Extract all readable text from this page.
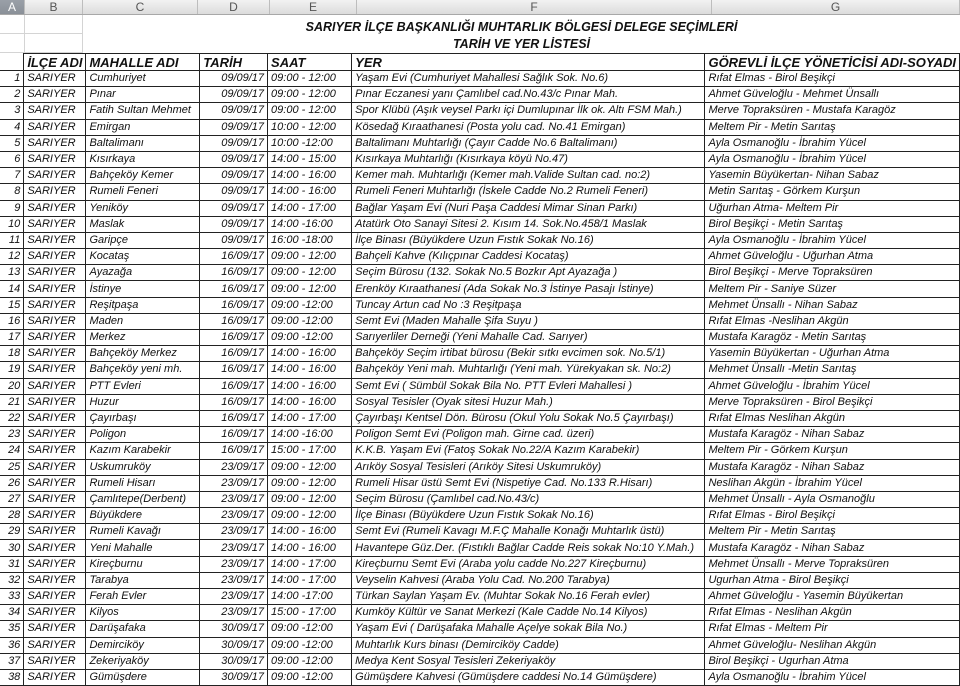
A	B	C	D	E	F	G
SARIYER İLÇE BAŞKANLIĞI MUHTARLIK BÖLGESİ DELEGE SEÇİMLERİ
TARİH VE YER LİSTESİ
	İLÇE ADI	MAHALLE ADI	TARİH	SAAT	YER	GÖREVLİ İLÇE YÖNETİCİSİ ADI-SOYADI
1	SARIYER	Cumhuriyet	09/09/17	09:00 - 12:00	Yaşam Evi (Cumhuriyet Mahallesi Sağlık Sok. No.6)	Rıfat Elmas - Birol Beşikçi
2	SARIYER	Pınar	09/09/17	09:00 - 12:00	Pınar Eczanesi yanı Çamlıbel cad.No.43/c Pınar Mah.	Ahmet Güveloğlu - Mehmet Ünsallı
3	SARIYER	Fatih Sultan Mehmet	09/09/17	09:00 - 12:00	Spor Klübü (Aşık veysel Parkı içi Dumlupınar İlk ok. Altı FSM Mah.)	Merve Topraksüren - Mustafa Karagöz
4	SARIYER	Emirgan	09/09/17	10:00 - 12:00	Kösedağ Kıraathanesi (Posta yolu cad. No.41 Emirgan)	Meltem Pir - Metin Sarıtaş
5	SARIYER	Baltalimanı	09/09/17	10:00 -12:00	Baltalimanı Muhtarlığı (Çayır Cadde No.6 Baltalimanı)	Ayla Osmanoğlu - İbrahim Yücel
6	SARIYER	Kısırkaya	09/09/17	14:00 - 15:00	Kısırkaya Muhtarlığı (Kısırkaya köyü No.47)	Ayla Osmanoğlu - İbrahim Yücel
7	SARIYER	Bahçeköy Kemer	09/09/17	14:00 - 16:00	Kemer mah. Muhtarlığı (Kemer mah.Valide Sultan cad. no:2)	Yasemin Büyükertan- Nihan Sabaz
8	SARIYER	Rumeli Feneri	09/09/17	14:00 - 16:00	Rumeli Feneri Muhtarlığı (İskele Cadde No.2 Rumeli Feneri)	Metin Sarıtaş - Görkem Kurşun
9	SARIYER	Yeniköy	09/09/17	14:00 - 17:00	Bağlar Yaşam Evi (Nuri Paşa Caddesi Mimar Sinan Parkı)	Uğurhan Atma- Meltem Pir
10	SARIYER	Maslak	09/09/17	14:00 -16:00	Atatürk Oto Sanayi Sitesi 2. Kısım 14. Sok.No.458/1 Maslak	Birol Beşikçi - Metin Sarıtaş
11	SARIYER	Garipçe	09/09/17	16:00 -18:00	İlçe Binası (Büyükdere Uzun Fıstık Sokak No.16)	Ayla Osmanoğlu - İbrahim Yücel
12	SARIYER	Kocataş	16/09/17	09:00 - 12:00	Bahçeli Kahve (Kılıçpınar Caddesi Kocataş)	Ahmet Güveloğlu - Uğurhan Atma
13	SARIYER	Ayazağa	16/09/17	09:00 - 12:00	Seçim Bürosu (132. Sokak No.5 Bozkır Apt Ayazağa )	Birol Beşikçi - Merve Topraksüren
14	SARIYER	İstinye	16/09/17	09:00 - 12:00	Erenköy Kıraathanesi (Ada Sokak No.3 İstinye Pasajı İstinye)	Meltem Pir - Saniye Süzer
15	SARIYER	Reşitpaşa	16/09/17	09:00 -12:00	Tuncay Artun cad No :3 Reşitpaşa	Mehmet Ünsallı - Nihan Sabaz
16	SARIYER	Maden	16/09/17	09:00 -12:00	Semt Evi (Maden Mahalle Şifa Suyu )	Rıfat Elmas -Neslihan Akgün
17	SARIYER	Merkez	16/09/17	09:00 -12:00	Sarıyerliler Derneği (Yeni Mahalle Cad. Sarıyer)	Mustafa Karagöz - Metin Sarıtaş
18	SARIYER	Bahçeköy Merkez	16/09/17	14:00 - 16:00	Bahçeköy Seçim irtibat bürosu (Bekir sıtkı evcimen sok. No.5/1)	Yasemin Büyükertan - Uğurhan Atma
19	SARIYER	Bahçeköy yeni mh.	16/09/17	14:00 - 16:00	Bahçeköy Yeni mah. Muhtarlığı (Yeni mah. Yürekyakan sk. No:2)	Mehmet Ünsallı -Metin Sarıtaş
20	SARIYER	PTT Evleri	16/09/17	14:00 - 16:00	Semt Evi ( Sümbül Sokak Bila No. PTT Evleri Mahallesi )	Ahmet Güveloğlu - İbrahim Yücel
21	SARIYER	Huzur	16/09/17	14:00 - 16:00	Sosyal Tesisler (Oyak sitesi Huzur Mah.)	Merve Topraksüren - Birol Beşikçi
22	SARIYER	Çayırbaşı	16/09/17	14:00 - 17:00	Çayırbaşı Kentsel Dön. Bürosu (Okul Yolu Sokak No.5 Çayırbaşı)	Rıfat Elmas Neslihan Akgün
23	SARIYER	Poligon	16/09/17	14:00 -16:00	Poligon Semt Evi (Poligon mah. Girne cad. üzeri)	Mustafa Karagöz - Nihan Sabaz
24	SARIYER	Kazım Karabekir	16/09/17	15:00 - 17:00	K.K.B. Yaşam Evi (Fatoş Sokak No.22/A Kazım Karabekir)	Meltem Pir - Görkem Kurşun
25	SARIYER	Uskumruköy	23/09/17	09:00 - 12:00	Arıköy Sosyal Tesisleri (Arıköy Sitesi Uskumruköy)	Mustafa Karagöz - Nihan Sabaz
26	SARIYER	Rumeli Hisarı	23/09/17	09:00 - 12:00	Rumeli Hisar üstü Semt Evi (Nispetiye Cad. No.133 R.Hisarı)	Neslihan Akgün - İbrahim Yücel
27	SARIYER	Çamlıtepe(Derbent)	23/09/17	09:00 - 12:00	Seçim Bürosu (Çamlıbel cad.No.43/c)	Mehmet Ünsallı - Ayla Osmanoğlu
28	SARIYER	Büyükdere	23/09/17	09:00 - 12:00	İlçe Binası (Büyükdere Uzun Fıstık Sokak No.16)	Rıfat Elmas - Birol Beşikçi
29	SARIYER	Rumeli Kavağı	23/09/17	14:00 - 16:00	Semt Evi (Rumeli Kavagı M.F.Ç Mahalle Konağı Muhtarlık üstü)	Meltem Pir - Metin Sarıtaş
30	SARIYER	Yeni Mahalle	23/09/17	14:00 - 16:00	Havantepe Güz.Der. (Fıstıklı Bağlar Cadde Reis sokak No:10 Y.Mah.)	Mustafa Karagöz - Nihan Sabaz
31	SARIYER	Kireçburnu	23/09/17	14:00 - 17:00	Kireçburnu Semt Evi (Araba yolu cadde No.227 Kireçburnu)	Mehmet Ünsallı - Merve Topraksüren
32	SARIYER	Tarabya	23/09/17	14:00 - 17:00	Veyselin Kahvesi (Araba Yolu Cad. No.200 Tarabya)	Ugurhan Atma - Birol Beşikçi
33	SARIYER	Ferah Evler	23/09/17	14:00 -17:00	Türkan Saylan Yaşam Ev. (Muhtar Sokak No.16 Ferah evler)	Ahmet Güveloğlu - Yasemin Büyükertan
34	SARIYER	Kilyos	23/09/17	15:00 - 17:00	Kumköy Kültür ve Sanat Merkezi (Kale Cadde No.14 Kilyos)	Rıfat Elmas - Neslihan Akgün
35	SARIYER	Darüşafaka	30/09/17	09:00 -12:00	Yaşam Evi ( Darüşafaka Mahalle Açelye sokak Bila No.)	Rıfat Elmas - Meltem Pir
36	SARIYER	Demirciköy	30/09/17	09:00 -12:00	Muhtarlık Kurs binası (Demirciköy Cadde)	Ahmet Güveloğlu- Neslihan Akgün
37	SARIYER	Zekeriyaköy	30/09/17	09:00 -12:00	Medya Kent Sosyal Tesisleri Zekeriyaköy	Birol Beşikçi - Ugurhan Atma
38	SARIYER	Gümüşdere	30/09/17	09:00 -12:00	Gümüşdere Kahvesi (Gümüşdere caddesi No.14 Gümüşdere)	Ayla Osmanoğlu - İbrahim Yücel
